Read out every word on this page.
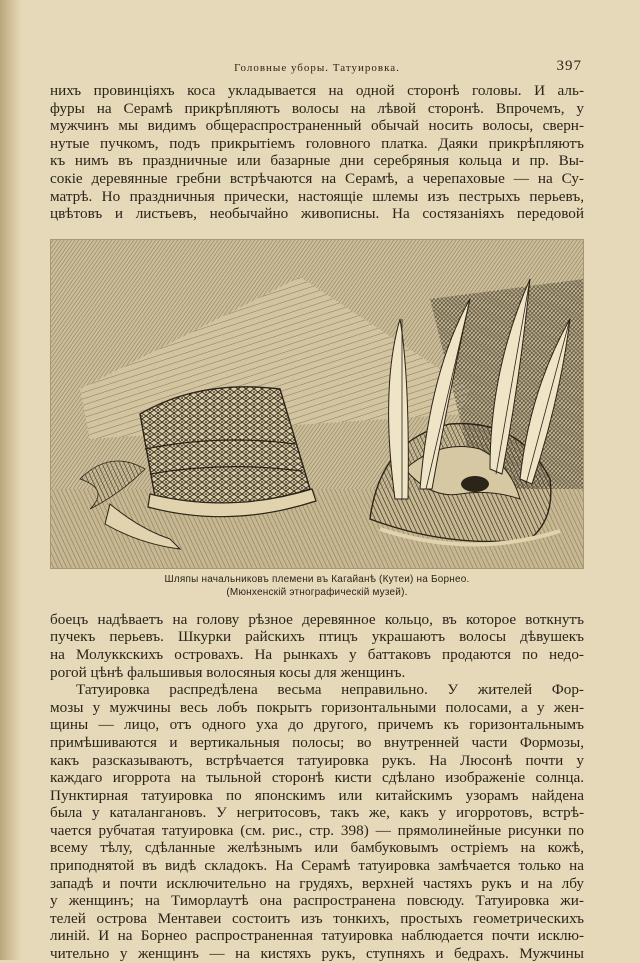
Головные уборы. Татуировка.	397

нихъ провинціяхъ коса укладывается на одной сторонѣ головы. И аль-
фуры на Серамѣ прикрѣпляютъ волосы на лѣвой сторонѣ. Впрочемъ, у
мужчинъ мы видимъ общераспространенный обычай носить волосы, сверн-
нутые пучкомъ, подъ прикрытіемъ головного платка. Даяки прикрѣпляютъ
къ нимъ въ праздничные или базарные дни серебряныя кольца и пр. Вы-
сокіе деревянные гребни встрѣчаются на Серамѣ, а черепаховые — на Су-
матрѣ. Но праздничныя прически, настоящіе шлемы изъ пестрыхъ перьевъ,
цвѣтовъ и листьевъ, необычайно живописны. На состязаніяхъ передовой

Шляпы начальниковъ племени въ Кагайанѣ (Кутеи) на Борнео.
(Мюнхенскій этнографическій музей).

боецъ надѣваетъ на голову рѣзное деревянное кольцо, въ которое воткнутъ
пучекъ перьевъ. Шкурки райскихъ птицъ украшаютъ волосы дѣвушекъ
на Молуккскихъ островахъ. На рынкахъ у баттаковъ продаются по недо-
рогой цѣнѣ фальшивыя волосяныя косы для женщинъ.

Татуировка распредѣлена весьма неправильно. У жителей Фор-
мозы у мужчины весь лобъ покрытъ горизонтальными полосами, а у жен-
щины — лицо, отъ одного уха до другого, причемъ къ горизонтальнымъ
примѣшиваются и вертикальныя полосы; во внутренней части Формозы,
какъ разсказываютъ, встрѣчается татуировка рукъ. На Люсонѣ почти у
каждаго игоррота на тыльной сторонѣ кисти сдѣлано изображеніе солнца.
Пунктирная татуировка по японскимъ или китайскимъ узорамъ найдена
была у каталангановъ. У негритосовъ, такъ же, какъ у игорротовъ, встрѣ-
чается рубчатая татуировка (см. рис., стр. 398) — прямолинейные рисунки по
всему тѣлу, сдѣланные желѣзнымъ или бамбуковымъ остріемъ на кожѣ,
приподнятой въ видѣ складокъ. На Серамѣ татуировка замѣчается только на
западѣ и почти исключительно на грудяхъ, верхней частяхъ рукъ и на лбу
у женщинъ; на Тиморлаутѣ она распространена повсюду. Татуировка жи-
телей острова Ментавеи состоитъ изъ тонкихъ, простыхъ геометрическихъ
линій. И на Борнео распространенная татуировка наблюдается почти исклю-
чительно у женщинъ — на кистяхъ рукъ, ступняхъ и бедрахъ. Мужчины
